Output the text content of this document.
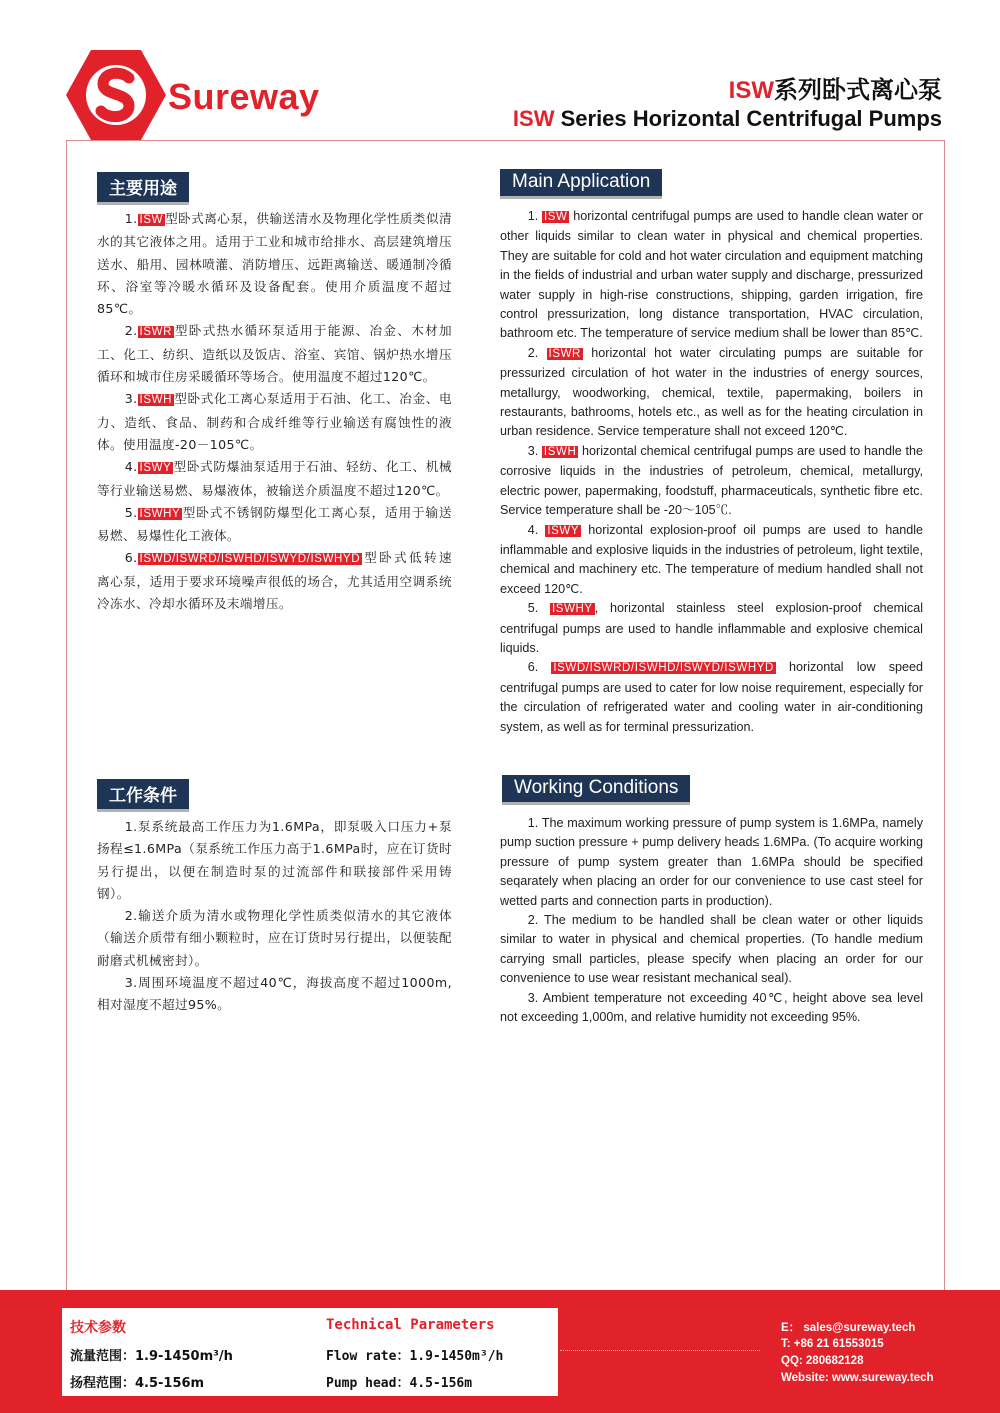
Sureway	ISW系列卧式离心泵
ISW Series Horizontal Centrifugal Pumps
主要用途

1. ISW 型卧式离心泵，供输送清水及物理化学性质类似清水的其它液体之用。适用于工业和城市给排水、高层建筑增压送水、船用、园林喷灌、消防增压、远距离输送、暖通制冷循环、浴室等冷暖水循环及设备配套。使用介质温度不超过85℃。

2. ISWR 型卧式热水循环泵适用于能源、冶金、木材加工、化工、纺织、造纸以及饭店、浴室、宾馆、锅炉热水增压循环和城市住房采暖循环等场合。使用温度不超过120℃。

3. ISWH 型卧式化工离心泵适用于石油、化工、冶金、电力、造纸、食品、制药和合成纤维等行业输送有腐蚀性的液体。使用温度-20－105℃。

4. ISWY 型卧式防爆油泵适用于石油、轻纺、化工、机械等行业输送易燃、易爆液体，被输送介质温度不超过120℃。

5. ISWHY 型卧式不锈钢防爆型化工离心泵，适用于输送易燃、易爆性化工液体。

6. ISWD/ISWRD/ISWHD/ISWYD/ISWHYD 型卧式低转速离心泵，适用于要求环境噪声很低的场合，尤其适用空调系统冷冻水、冷却水循环及末端增压。

Main Application

1. ISW horizontal centrifugal pumps are used to handle clean water or other liquids similar to clean water in physical and chemical properties. They are suitable for cold and hot water circulation and equipment matching in the fields of industrial and urban water supply and discharge, pressurized water supply in high-rise constructions, shipping, garden irrigation, fire control pressurization, long distance transportation, HVAC circulation, bathroom etc. The temperature of service medium shall be lower than 85℃.

2. ISWR horizontal hot water circulating pumps are suitable for pressurized circulation of hot water in the industries of energy sources, metallurgy, woodworking, chemical, textile, papermaking, boilers in restaurants, bathrooms, hotels etc., as well as for the heating circulation in urban residence. Service temperature shall not exceed 120℃.

3. ISWH horizontal chemical centrifugal pumps are used to handle the corrosive liquids in the industries of petroleum, chemical, metallurgy, electric power, papermaking, foodstuff, pharmaceuticals, synthetic fibre etc. Service temperature shall be -20～105℃.

4. ISWY horizontal explosion-proof oil pumps are used to handle inflammable and explosive liquids in the industries of petroleum, light textile, chemical and machinery etc. The temperature of medium handled shall not exceed 120℃.

5. ISWHY , horizontal stainless steel explosion-proof chemical centrifugal pumps are used to handle inflammable and explosive chemical liquids.

6. ISWD/ISWRD/ISWHD/ISWYD/ISWHYD horizontal low speed centrifugal pumps are used to cater for low noise requirement, especially for the circulation of refrigerated water and cooling water in air-conditioning system, as well as for terminal pressurization.

工作条件

1.泵系统最高工作压力为1.6MPa，即泵吸入口压力+泵扬程≤1.6MPa（泵系统工作压力高于1.6MPa时，应在订货时另行提出，以便在制造时泵的过流部件和联接部件采用铸钢）。

2.输送介质为清水或物理化学性质类似清水的其它液体（输送介质带有细小颗粒时，应在订货时另行提出，以便装配耐磨式机械密封）。

3.周围环境温度不超过40℃，海拔高度不超过1000m,相对湿度不超过95%。

Working Conditions

1. The maximum working pressure of pump system is 1.6MPa, namely pump suction pressure + pump delivery head≤ 1.6MPa. (To acquire working pressure of pump system greater than 1.6MPa should be specified seqarately when placing an order for our convenience to use cast steel for wetted parts and connection parts in production).

2. The medium to be handled shall be clean water or other liquids similar to water in physical and chemical properties. (To handle medium carrying small particles, please specify when placing an order for our convenience to use wear resistant mechanical seal).

3. Ambient temperature not exceeding 40℃, height above sea level not exceeding 1,000m, and relative humidity not exceeding 95%.

技术参数
流量范围：1.9-1450m³/h
扬程范围：4.5-156m
Technical Parameters
Flow rate：1.9-1450m³/h
Pump head：4.5-156m
E： sales@sureway.tech
T: +86 21 61553015
QQ: 280682128
Website: www.sureway.tech
